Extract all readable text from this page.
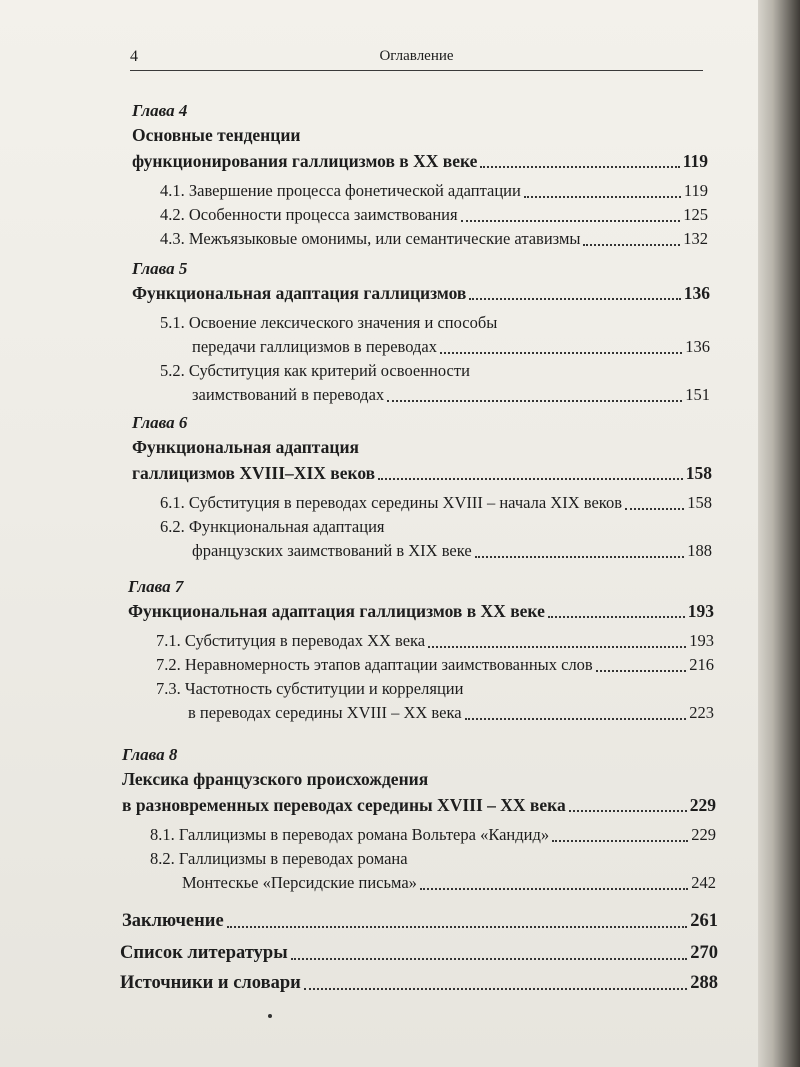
4	Оглавление
Глава 4
Основные тенденции
функционирования галлицизмов в XX веке	119
4.1. Завершение процесса фонетической адаптации	119
4.2. Особенности процесса заимствования	125
4.3. Межъязыковые омонимы, или семантические атавизмы	132
Глава 5
Функциональная адаптация галлицизмов	136
5.1. Освоение лексического значения и способы
передачи галлицизмов в переводах	136
5.2. Субституция как критерий освоенности
заимствований в переводах	151
Глава 6
Функциональная адаптация
галлицизмов XVIII–XIX веков	158
6.1. Субституция в переводах середины XVIII – начала XIX веков	158
6.2. Функциональная адаптация
французских заимствований в XIX веке	188
Глава 7
Функциональная адаптация галлицизмов в XX веке	193
7.1. Субституция в переводах XX века	193
7.2. Неравномерность этапов адаптации заимствованных слов	216
7.3. Частотность субституции и корреляции
в переводах середины XVIII – XX века	223
Глава 8
Лексика французского происхождения
в разновременных переводах середины XVIII – XX века	229
8.1. Галлицизмы в переводах романа Вольтера «Кандид»	229
8.2. Галлицизмы в переводах романа
Монтескье «Персидские письма»	242
Заключение	261
Список литературы	270
Источники и словари	288
